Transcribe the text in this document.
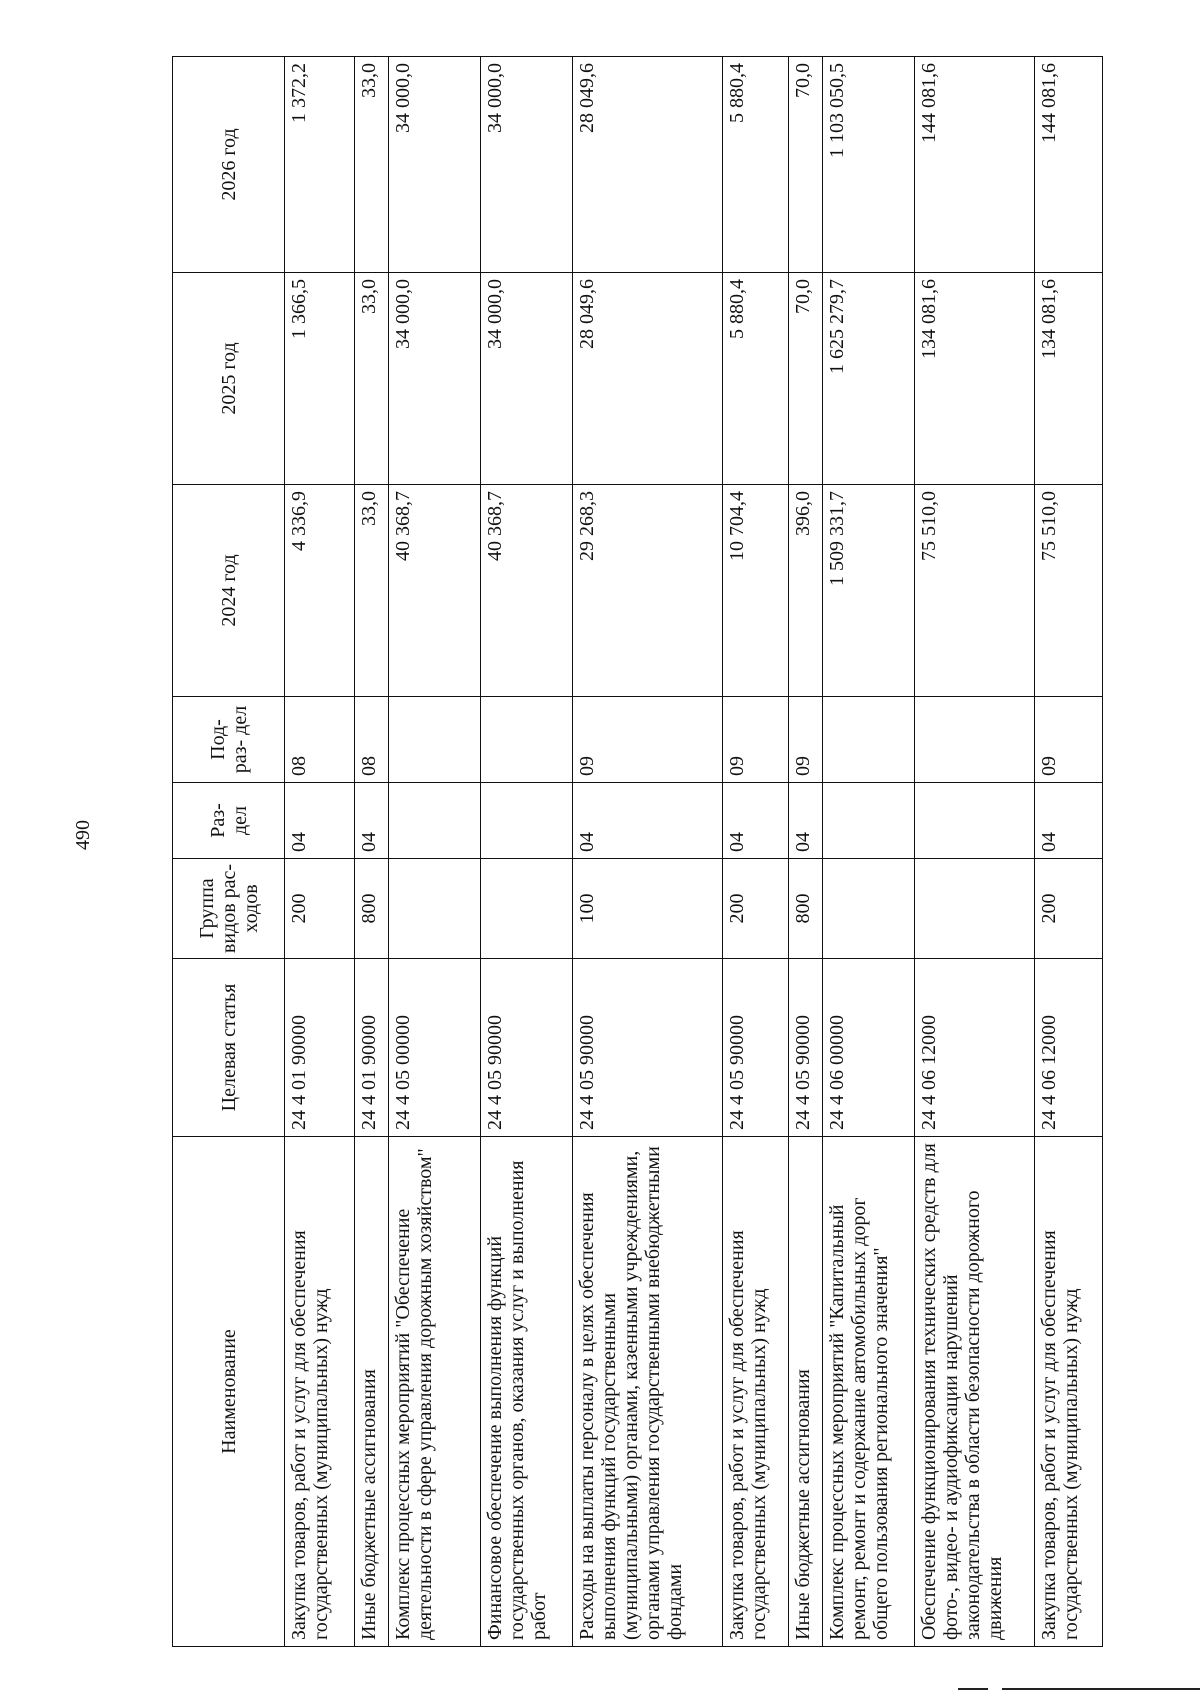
490
Наименование	Целевая статья	Группа видов рас- ходов	Раз- дел	Под- раз- дел	2024 год	2025 год	2026 год
Закупка товаров, работ и услуг для обеспечения государственных (муниципальных) нужд	24 4 01 90000	200	04	08	4 336,9	1 366,5	1 372,2
Иные бюджетные ассигнования	24 4 01 90000	800	04	08	33,0	33,0	33,0
Комплекс процессных мероприятий "Обеспечение деятельности в сфере управления дорожным хозяйством"	24 4 05 00000				40 368,7	34 000,0	34 000,0
Финансовое обеспечение выполнения функций государственных органов, оказания услуг и выполнения работ	24 4 05 90000				40 368,7	34 000,0	34 000,0
Расходы на выплаты персоналу в целях обеспечения выполнения функций государственными (муниципальными) органами, казенными учреждениями, органами управления государственными внебюджетными фондами	24 4 05 90000	100	04	09	29 268,3	28 049,6	28 049,6
Закупка товаров, работ и услуг для обеспечения государственных (муниципальных) нужд	24 4 05 90000	200	04	09	10 704,4	5 880,4	5 880,4
Иные бюджетные ассигнования	24 4 05 90000	800	04	09	396,0	70,0	70,0
Комплекс процессных мероприятий "Капитальный ремонт, ремонт и содержание автомобильных дорог общего пользования регионального значения"	24 4 06 00000				1 509 331,7	1 625 279,7	1 103 050,5
Обеспечение функционирования технических средств для фото-, видео- и аудиофиксации нарушений законодательства в области безопасности дорожного движения	24 4 06 12000				75 510,0	134 081,6	144 081,6
Закупка товаров, работ и услуг для обеспечения государственных (муниципальных) нужд	24 4 06 12000	200	04	09	75 510,0	134 081,6	144 081,6
